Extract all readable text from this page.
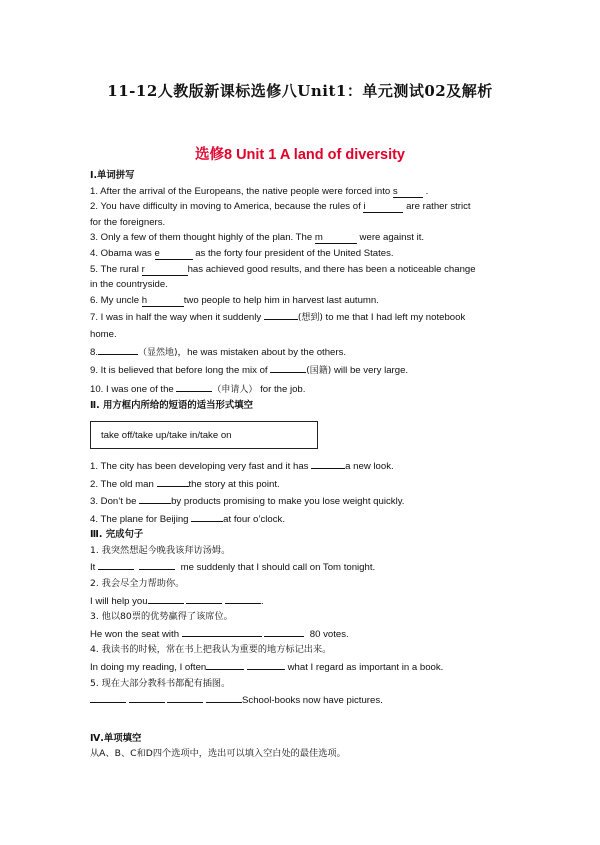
11-12人教版新课标选修八Unit1：单元测试02及解析
选修8 Unit 1 A land of diversity

Ⅰ.单词拼写

1. After the arrival of the Europeans, the native people were forced into s	.

2. You have difficulty in moving to America, because the rules of i	are rather strict

for the foreigners.

3. Only a few of them thought highly of the plan. The m	were against it.

4. Obama was e	as the forty four president of the United States.

5. The rural r	has achieved good results, and there has been a noticeable change

in the countryside.

6. My uncle h	two people to help him in harvest last autumn.

7. I was in half the way when it suddenly	(想到) to me that I had left my notebook

home.

8.	（显然地)，he was mistaken about by the others.

9. It is believed that before long the mix of	(国籍) will be very large.

10. I was one of the	（申请人） for the job.

Ⅱ. 用方框内所给的短语的适当形式填空

take off/take up/take in/take on

1. The city has been developing very fast and it has	a new look.

2. The old man	the story at this point.

3. Don’t be	by products promising to make you lose weight quickly.

4. The plane for Beijing	at four o’clock.

Ⅲ. 完成句子

1. 我突然想起今晚我该拜访汤姆。

It	me suddenly that I should call on Tom tonight.

2. 我会尽全力帮助你。

I will help you	.

3. 他以80票的优势赢得了该席位。

He won the seat with	80 votes.

4. 我读书的时候，常在书上把我认为重要的地方标记出来。

In doing my reading, I often	what I regard as important in a book.

5. 现在大部分教科书都配有插图。

School-books now have pictures.

Ⅳ.单项填空

从A、B、C和D四个选项中，选出可以填入空白处的最佳选项。
